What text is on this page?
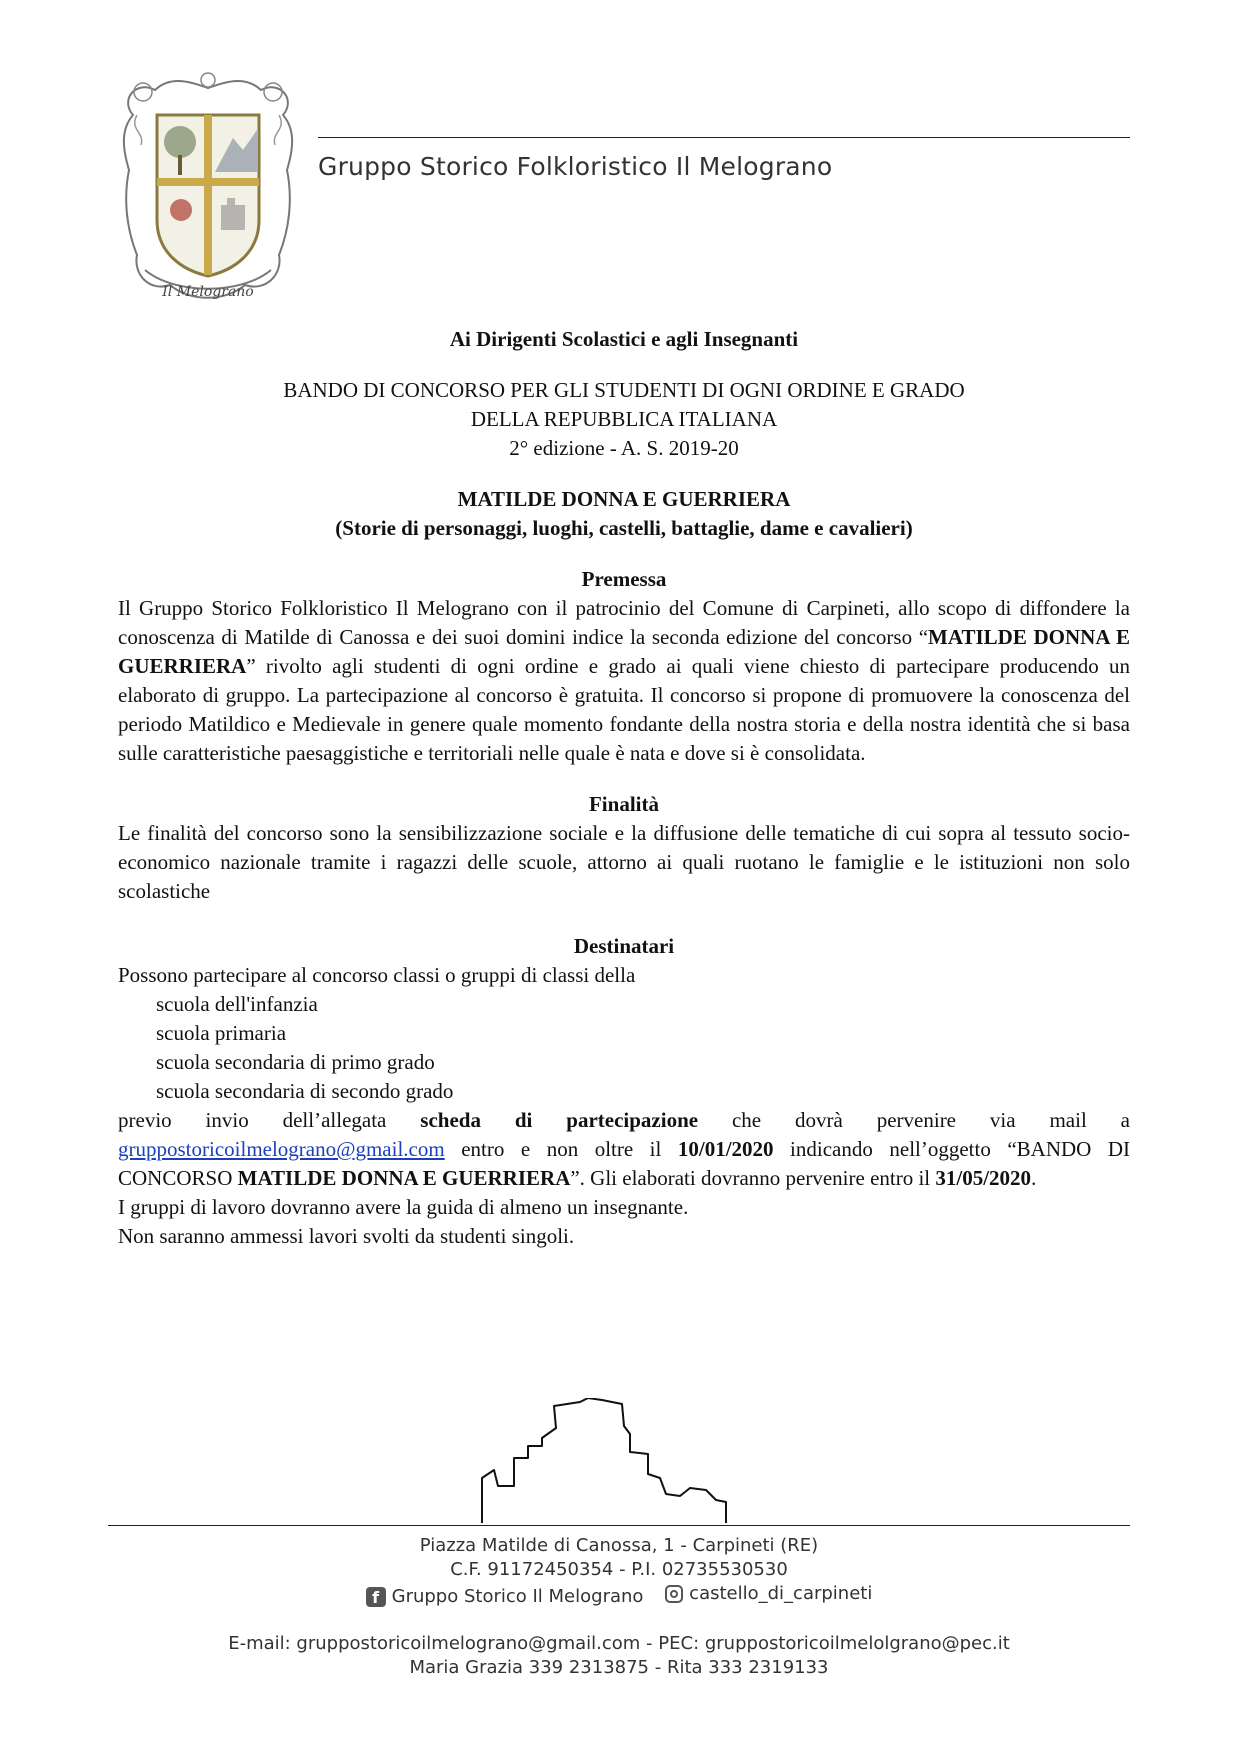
Il Melograno
Gruppo Storico Folkloristico Il Melograno

Ai Dirigenti Scolastici e agli Insegnanti

BANDO DI CONCORSO PER GLI STUDENTI DI OGNI ORDINE E GRADO

DELLA REPUBBLICA ITALIANA

2° edizione - A. S. 2019-20

MATILDE DONNA E GUERRIERA

(Storie di personaggi, luoghi, castelli, battaglie, dame e cavalieri)

Premessa

Il Gruppo Storico Folkloristico Il Melograno con il patrocinio del Comune di Carpineti, allo scopo di diffondere la conoscenza di Matilde di Canossa e dei suoi domini indice la seconda edizione del concorso “MATILDE DONNA E GUERRIERA” rivolto agli studenti di ogni ordine e grado ai quali viene chiesto di partecipare producendo un elaborato di gruppo. La partecipazione al concorso è gratuita. Il concorso si propone di promuovere la conoscenza del periodo Matildico e Medievale in genere quale momento fondante della nostra storia e della nostra identità che si basa sulle caratteristiche paesaggistiche e territoriali nelle quale è nata e dove si è consolidata.

Finalità

Le finalità del concorso sono la sensibilizzazione sociale e la diffusione delle tematiche di cui sopra al tessuto socio-economico nazionale tramite i ragazzi delle scuole, attorno ai quali ruotano le famiglie e le istituzioni non solo scolastiche

Destinatari

Possono partecipare al concorso classi o gruppi di classi della

scuola dell'infanzia
scuola primaria
scuola secondaria di primo grado
scuola secondaria di secondo grado

previo invio dell’allegata scheda di partecipazione che dovrà pervenire via mail a gruppostoricoilmelograno@gmail.com entro e non oltre il 10/01/2020 indicando nell’oggetto “BANDO DI CONCORSO MATILDE DONNA E GUERRIERA”. Gli elaborati dovranno pervenire entro il 31/05/2020.

I gruppi di lavoro dovranno avere la guida di almeno un insegnante.

Non saranno ammessi lavori svolti da studenti singoli.

Piazza Matilde di Canossa, 1 - Carpineti (RE)
C.F. 91172450354 - P.I. 02735530530
f Gruppo Storico Il Melograno
	castello_di_carpineti
E-mail: gruppostoricoilmelograno@gmail.com - PEC: gruppostoricoilmelolgrano@pec.it
Maria Grazia 339 2313875 - Rita 333 2319133
